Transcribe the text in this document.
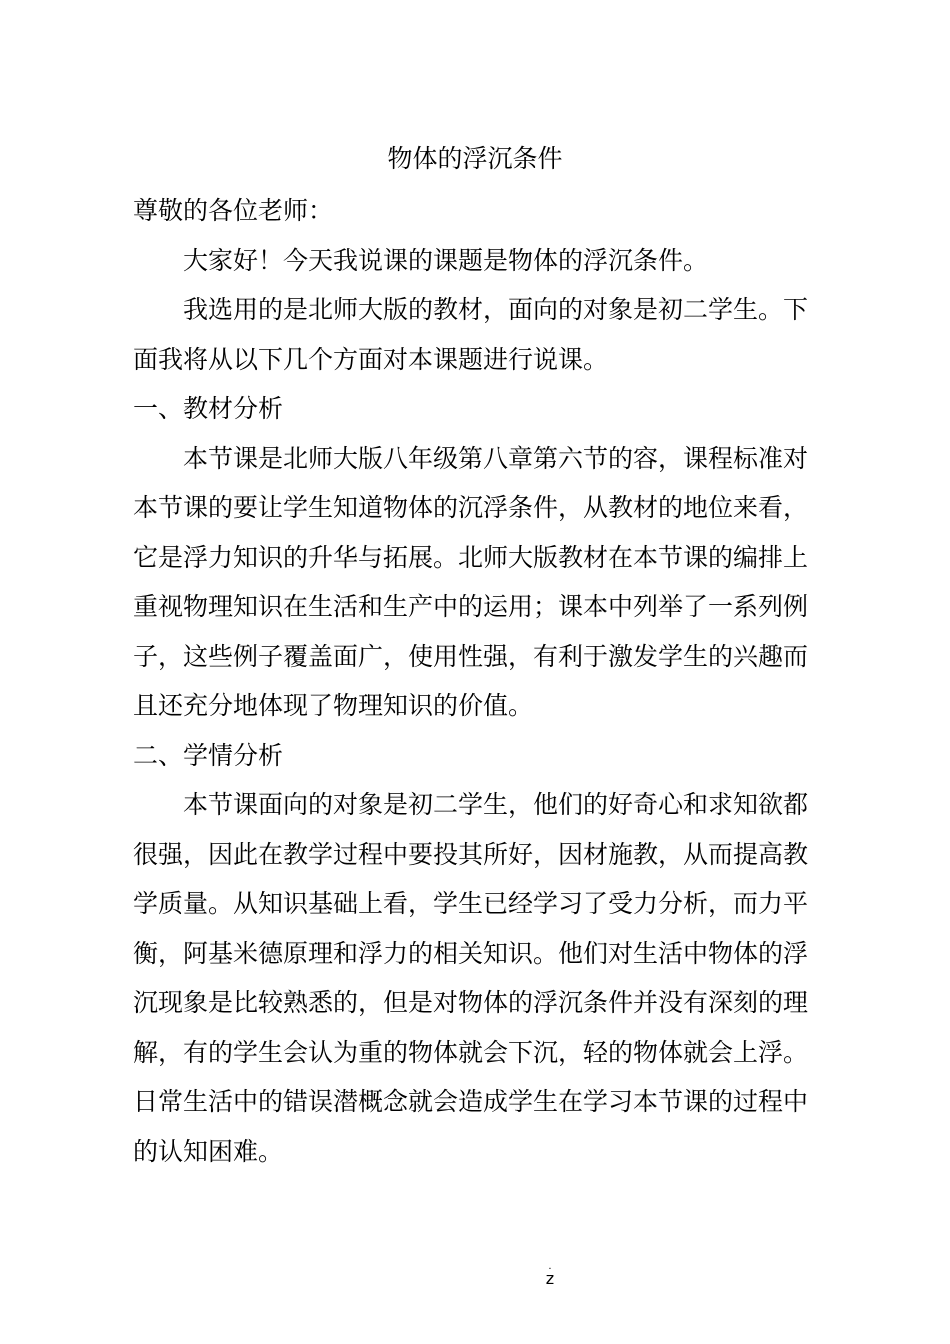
物体的浮沉条件
尊敬的各位老师：
大家好！今天我说课的课题是物体的浮沉条件。
我选用的是北师大版的教材，面向的对象是初二学生。下
面我将从以下几个方面对本课题进行说课。
一、教材分析
本节课是北师大版八年级第八章第六节的容，课程标准对
本节课的要让学生知道物体的沉浮条件，从教材的地位来看，
它是浮力知识的升华与拓展。北师大版教材在本节课的编排上
重视物理知识在生活和生产中的运用；课本中列举了一系列例
子，这些例子覆盖面广，使用性强，有利于激发学生的兴趣而
且还充分地体现了物理知识的价值。
二、学情分析
本节课面向的对象是初二学生，他们的好奇心和求知欲都
很强，因此在教学过程中要投其所好，因材施教，从而提高教
学质量。从知识基础上看，学生已经学习了受力分析，而力平
衡，阿基米德原理和浮力的相关知识。他们对生活中物体的浮
沉现象是比较熟悉的，但是对物体的浮沉条件并没有深刻的理
解，有的学生会认为重的物体就会下沉，轻的物体就会上浮。
日常生活中的错误潜概念就会造成学生在学习本节课的过程中
的认知困难。
.
z
